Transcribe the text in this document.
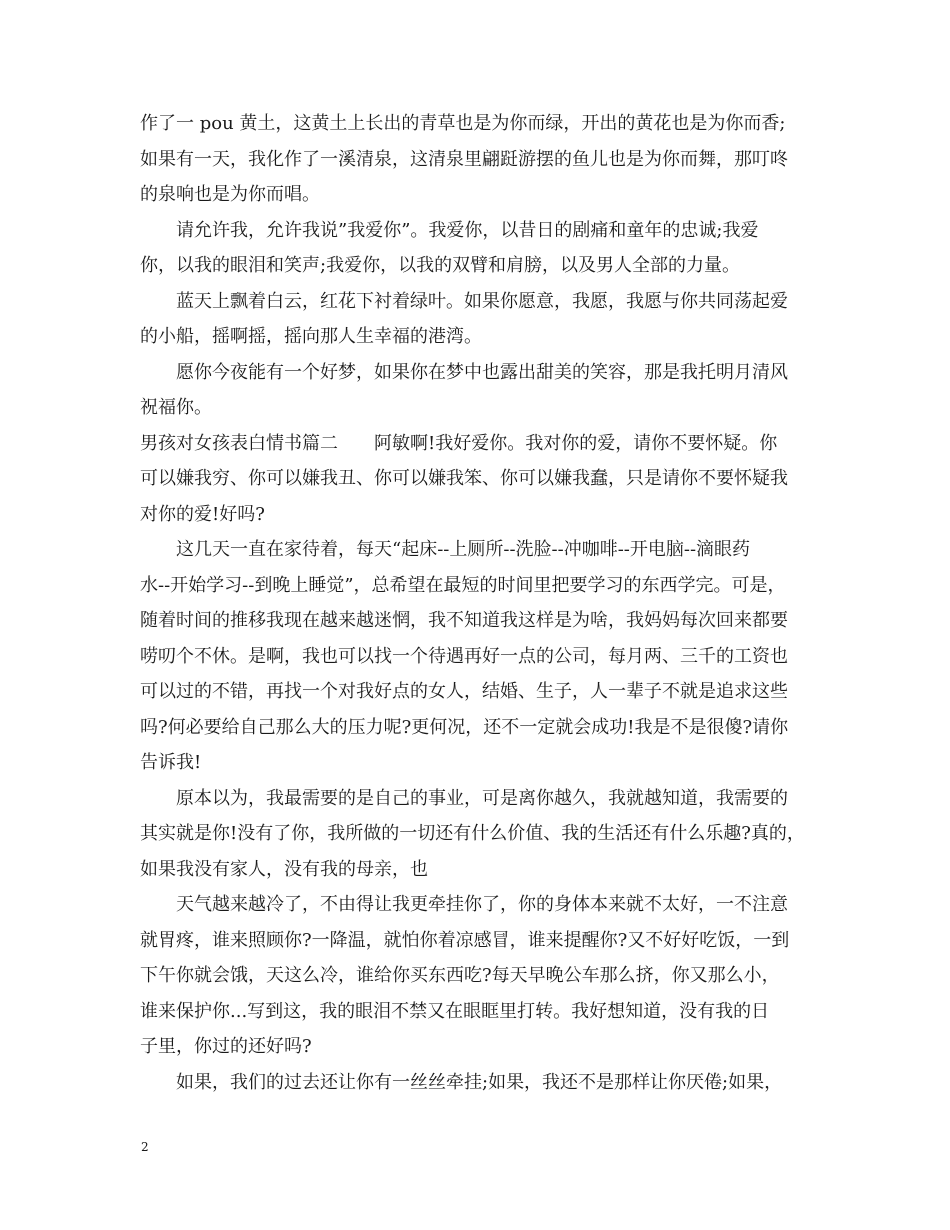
作了一 pou 黄土，这黄土上长出的青草也是为你而绿，开出的黄花也是为你而香;
如果有一天，我化作了一溪清泉，这清泉里翩跹游摆的鱼儿也是为你而舞，那叮咚
的泉响也是为你而唱。
请允许我，允许我说”我爱你”。我爱你，以昔日的剧痛和童年的忠诚;我爱
你，以我的眼泪和笑声;我爱你，以我的双臂和肩膀，以及男人全部的力量。
蓝天上飘着白云，红花下衬着绿叶。如果你愿意，我愿，我愿与你共同荡起爱
的小船，摇啊摇，摇向那人生幸福的港湾。
愿你今夜能有一个好梦，如果你在梦中也露出甜美的笑容，那是我托明月清风
祝福你。
男孩对女孩表白情书篇二　　阿敏啊!我好爱你。我对你的爱，请你不要怀疑。你
可以嫌我穷、你可以嫌我丑、你可以嫌我笨、你可以嫌我蠢，只是请你不要怀疑我
对你的爱!好吗?
这几天一直在家待着，每天“起床--上厕所--洗脸--冲咖啡--开电脑--滴眼药
水--开始学习--到晚上睡觉”，总希望在最短的时间里把要学习的东西学完。可是，
随着时间的推移我现在越来越迷惘，我不知道我这样是为啥，我妈妈每次回来都要
唠叨个不休。是啊，我也可以找一个待遇再好一点的公司，每月两、三千的工资也
可以过的不错，再找一个对我好点的女人，结婚、生子，人一辈子不就是追求这些
吗?何必要给自己那么大的压力呢?更何况，还不一定就会成功!我是不是很傻?请你
告诉我!
原本以为，我最需要的是自己的事业，可是离你越久，我就越知道，我需要的
其实就是你!没有了你，我所做的一切还有什么价值、我的生活还有什么乐趣?真的，
如果我没有家人，没有我的母亲，也
天气越来越冷了，不由得让我更牵挂你了，你的身体本来就不太好，一不注意
就胃疼，谁来照顾你?一降温，就怕你着凉感冒，谁来提醒你?又不好好吃饭，一到
下午你就会饿，天这么冷，谁给你买东西吃?每天早晚公车那么挤，你又那么小，
谁来保护你...写到这，我的眼泪不禁又在眼眶里打转。我好想知道，没有我的日
子里，你过的还好吗?
如果，我们的过去还让你有一丝丝牵挂;如果，我还不是那样让你厌倦;如果，
2
